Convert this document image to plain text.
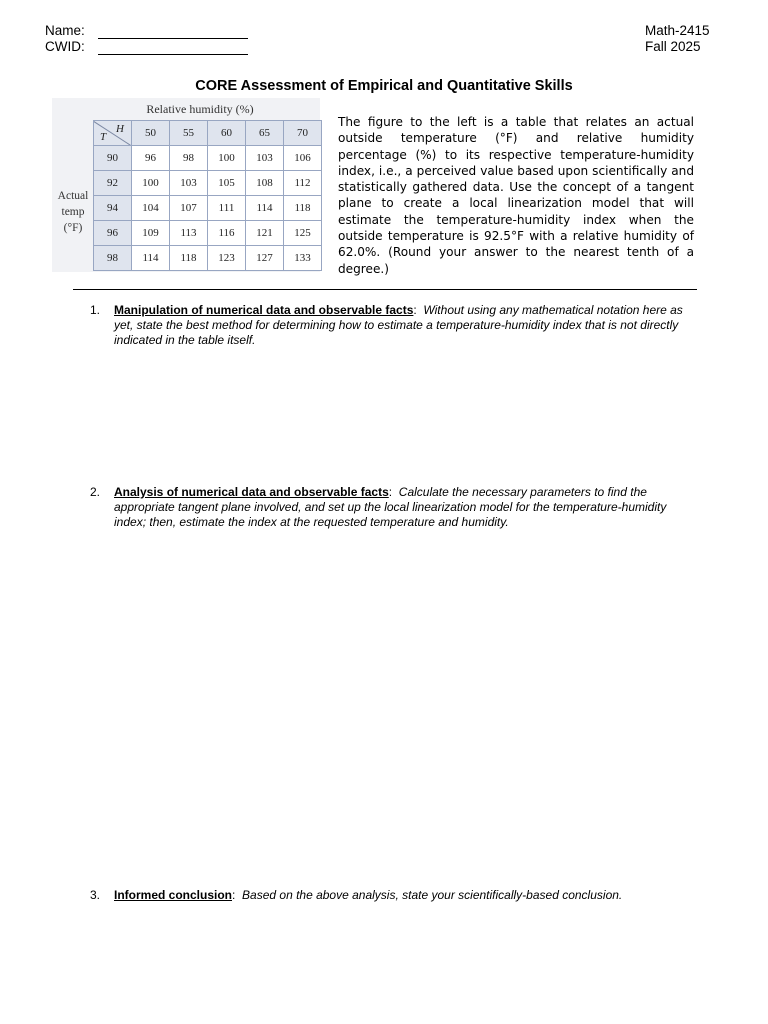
Name:
CWID:
Math-2415
Fall 2025
CORE Assessment of Empirical and Quantitative Skills
Relative humidity (%)
Actual
temp
(°F)
H
T	50	55	60	65	70
90	96	98	100	103	106
92	100	103	105	108	112
94	104	107	111	114	118
96	109	113	116	121	125
98	114	118	123	127	133
The figure to the left is a table that relates an actual outside temperature (°F) and relative humidity percentage (%) to its respective temperature-humidity index, i.e., a perceived value based upon scientifically and statistically gathered data. Use the concept of a tangent plane to create a local linearization model that will estimate the temperature-humidity index when the outside temperature is 92.5°F with a relative humidity of 62.0%. (Round your answer to the nearest tenth of a degree.)
1.	Manipulation of numerical data and observable facts:  Without using any mathematical notation here as yet, state the best method for determining how to estimate a temperature-humidity index that is not directly indicated in the table itself.
2.	Analysis of numerical data and observable facts:  Calculate the necessary parameters to find the appropriate tangent plane involved, and set up the local linearization model for the temperature-humidity index; then, estimate the index at the requested temperature and humidity.
3.	Informed conclusion:  Based on the above analysis, state your scientifically-based conclusion.
